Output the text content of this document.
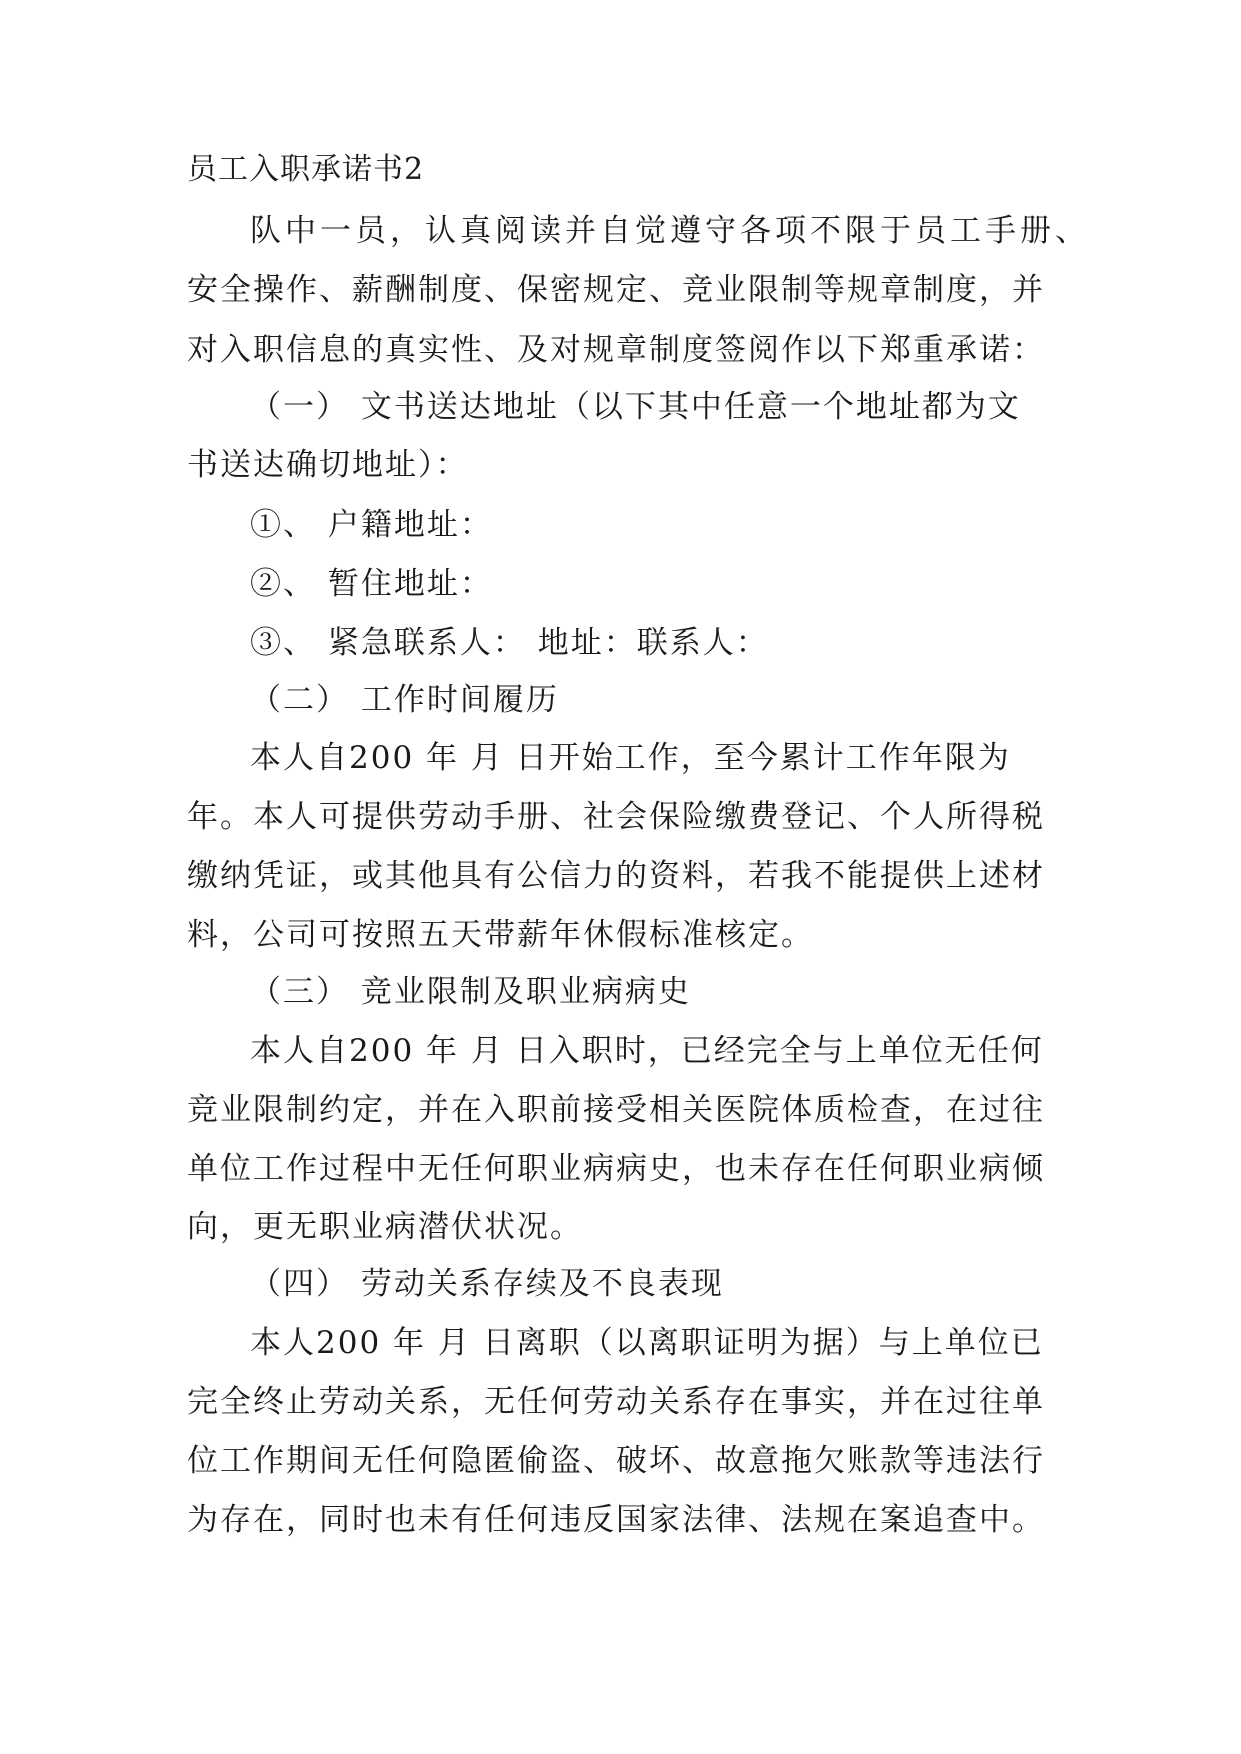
员工入职承诺书2

队中一员，认真阅读并自觉遵守各项不限于员工手册、

安全操作、薪酬制度、保密规定、竞业限制等规章制度，并

对入职信息的真实性、及对规章制度签阅作以下郑重承诺：

（一） 文书送达地址（以下其中任意一个地址都为文

书送达确切地址）：

①、 户籍地址：

②、 暂住地址：

③、 紧急联系人： 地址：联系人：

（二） 工作时间履历

本人自200 年 月 日开始工作，至今累计工作年限为

年。本人可提供劳动手册、社会保险缴费登记、个人所得税

缴纳凭证，或其他具有公信力的资料，若我不能提供上述材

料，公司可按照五天带薪年休假标准核定。

（三） 竞业限制及职业病病史

本人自200 年 月 日入职时，已经完全与上单位无任何

竞业限制约定，并在入职前接受相关医院体质检查，在过往

单位工作过程中无任何职业病病史，也未存在任何职业病倾

向，更无职业病潜伏状况。

（四） 劳动关系存续及不良表现

本人200 年 月 日离职（以离职证明为据）与上单位已

完全终止劳动关系，无任何劳动关系存在事实，并在过往单

位工作期间无任何隐匿偷盗、破坏、故意拖欠账款等违法行

为存在，同时也未有任何违反国家法律、法规在案追查中。
